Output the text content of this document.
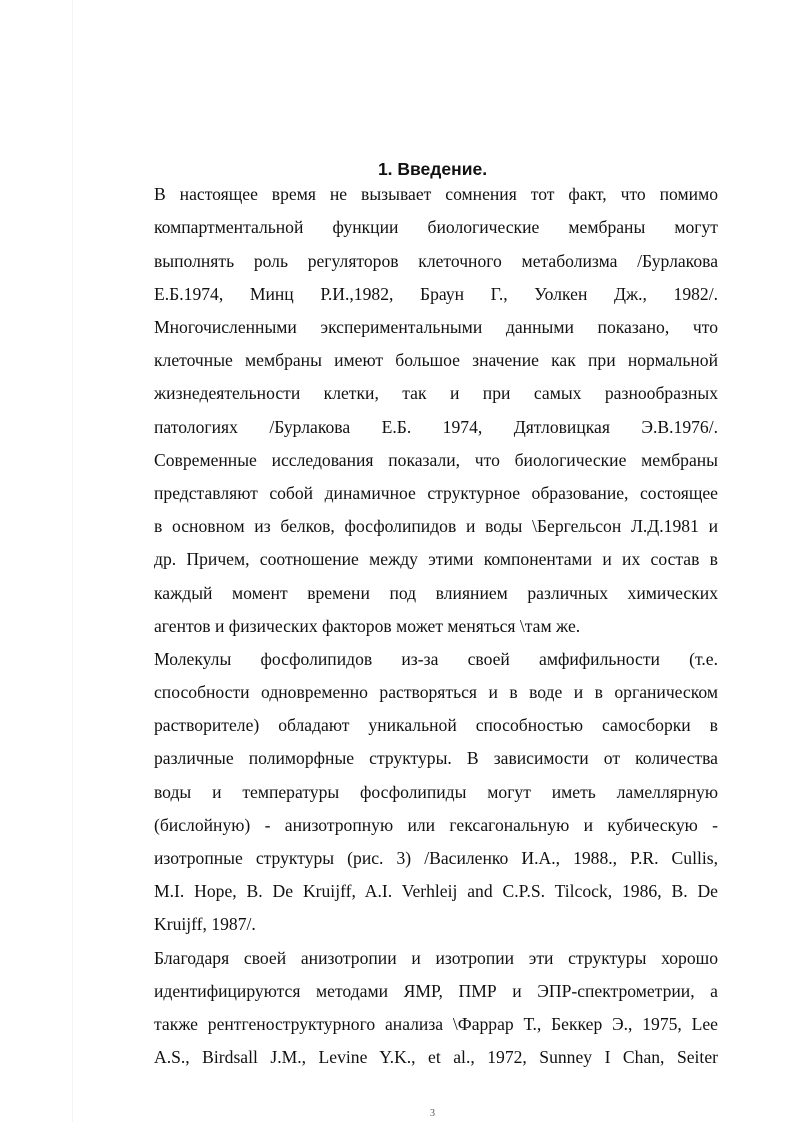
1. Введение.
В настоящее время не вызывает сомнения тот факт, что помимо
компартментальной функции биологические мембраны могут
выполнять роль регуляторов клеточного метаболизма /Бурлакова
Е.Б.1974, Минц Р.И.,1982, Браун Г., Уолкен Дж., 1982/.
Многочисленными экспериментальными данными показано, что
клеточные мембраны имеют большое значение как при нормальной
жизнедеятельности клетки, так и при самых разнообразных
патологиях /Бурлакова Е.Б. 1974, Дятловицкая Э.В.1976/.
Современные исследования показали, что биологические мембраны
представляют собой динамичное структурное образование, состоящее
в основном из белков, фосфолипидов и воды \Бергельсон Л.Д.1981 и
др. Причем, соотношение между этими компонентами и их состав в
каждый момент времени под влиянием различных химических
агентов и физических факторов может меняться \там же.
Молекулы фосфолипидов из-за своей амфифильности (т.е.
способности одновременно растворяться и в воде и в органическом
растворителе) обладают уникальной способностью самосборки в
различные полиморфные структуры. В зависимости от количества
воды и температуры фосфолипиды могут иметь ламеллярную
(бислойную) - анизотропную или гексагональную и кубическую -
изотропные структуры (рис. 3) /Василенко И.А., 1988., P.R. Cullis,
M.I. Hope, B. De Kruijff, A.I. Verhleij and C.P.S. Tilcock, 1986, B. De
Kruijff, 1987/.
Благодаря своей анизотропии и изотропии эти структуры хорошо
идентифицируются методами ЯМР, ПМР и ЭПР-спектрометрии, а
также рентгеноструктурного анализа \Фаррар Т., Беккер Э., 1975, Lee
A.S., Birdsall J.M., Levine Y.K., et al., 1972, Sunney I Chan, Seiter
3
